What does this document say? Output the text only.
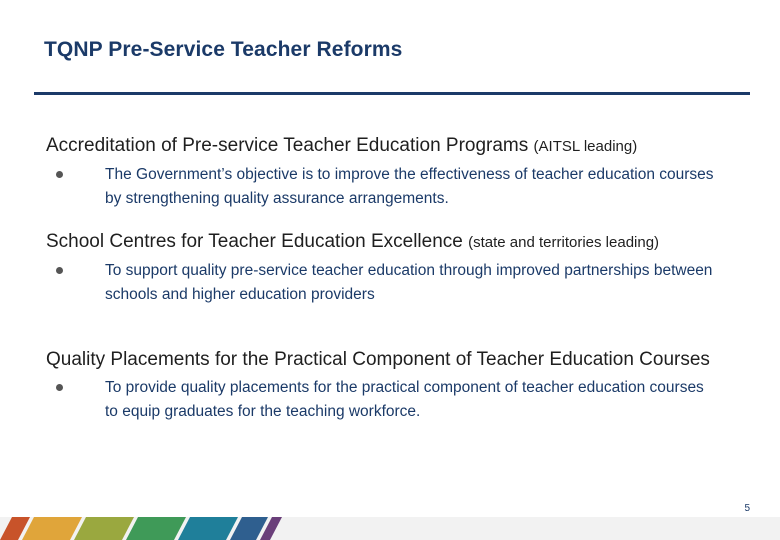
TQNP Pre-Service Teacher Reforms
Accreditation of Pre-service Teacher Education Programs (AITSL leading)
The Government’s objective is to improve the effectiveness of teacher education courses by strengthening quality assurance arrangements.
School Centres for Teacher Education Excellence (state and territories leading)
To support quality pre-service teacher education through improved partnerships between schools and higher education providers
Quality Placements for the Practical Component of Teacher Education Courses
To provide quality placements for the practical component of teacher education courses to equip graduates for the teaching workforce.
5
